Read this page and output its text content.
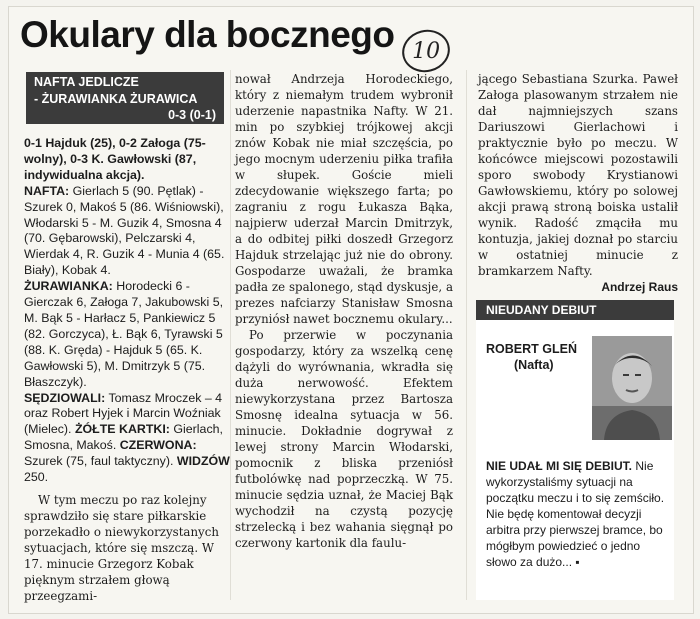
Okulary dla bocznego 10
NAFTA JEDLICZE
- ŻURAWIANKA ŻURAWICA
0-3 (0-1)

0-1 Hajduk (25), 0-2 Załoga (75-wolny), 0-3 K. Gawłowski (87, indywidualna akcja).

NAFTA: Gierlach 5 (90. Pętlak) - Szurek 0, Makoś 5 (86. Wiśniowski), Włodarski 5 - M. Guzik 4, Smosna 4 (70. Gębarowski), Pelczarski 4, Wierdak 4, R. Guzik 4 - Munia 4 (65. Biały), Kobak 4.

ŻURAWIANKA: Horodecki 6 - Gierczak 6, Załoga 7, Jakubowski 5, M. Bąk 5 - Harłacz 5, Pankiewicz 5 (82. Gorczyca), Ł. Bąk 6, Tyrawski 5 (88. K. Gręda) - Hajduk 5 (65. K. Gawłowski 5), M. Dmitrzyk 5 (75. Błaszczyk).

SĘDZIOWALI: Tomasz Mroczek – 4 oraz Robert Hyjek i Marcin Woźniak (Mielec). ŻÓŁTE KARTKI: Gierlach, Smosna, Makoś. CZERWONA: Szurek (75, faul taktyczny). WIDZÓW 250.

W tym meczu po raz kolejny sprawdziło się stare piłkarskie porzekadło o niewykorzystanych sytuacjach, które się mszczą. W 17. minucie Grzegorz Kobak pięknym strzałem głową przeegzami-

nował Andrzeja Horodeckiego, który z niemałym trudem wybronił uderzenie napastnika Nafty. W 21. min po szybkiej trójkowej akcji znów Kobak nie miał szczęścia, po jego mocnym uderzeniu piłka trafiła w słupek. Goście mieli zdecydowanie większego farta; po zagraniu z rogu Łukasza Bąka, najpierw uderzał Marcin Dmitrzyk, a do odbitej piłki doszedł Grzegorz Hajduk strzelając już nie do obrony. Gospodarze uważali, że bramka padła ze spalonego, stąd dyskusje, a prezes nafciarzy Stanisław Smosna przyniósł nawet bocznemu okulary...

Po przerwie w poczynania gospodarzy, który za wszelką cenę dążyli do wyrównania, wkradła się duża nerwowość. Efektem niewykorzystana przez Bartosza Smosnę idealna sytuacja w 56. minucie. Dokładnie dogrywał z lewej strony Marcin Włodarski, pomocnik z bliska przeniósł futbolówkę nad poprzeczką. W 75. minucie sędzia uznał, że Maciej Bąk wychodził na czystą pozycję strzelecką i bez wahania sięgnął po czerwony kartonik dla faulu-

jącego Sebastiana Szurka. Paweł Załoga plasowanym strzałem nie dał najmniejszych szans Dariuszowi Gierlachowi i praktycznie było po meczu. W końcówce miejscowi pozostawili sporo swobody Krystianowi Gawłowskiemu, który po solowej akcji prawą stroną boiska ustalił wynik. Radość zmąciła mu kontuzja, jakiej doznał po starciu w ostatniej minucie z bramkarzem Nafty.

Andrzej Raus

NIEUDANY DEBIUT
ROBERT GLEŃ
(Nafta)
NIE UDAŁ MI SIĘ DEBIUT. Nie wykorzystaliśmy sytuacji na początku meczu i to się zemściło. Nie będę komentował decyzji arbitra przy pierwszej bramce, bo mógłbym powiedzieć o jedno słowo za dużo... ▪
